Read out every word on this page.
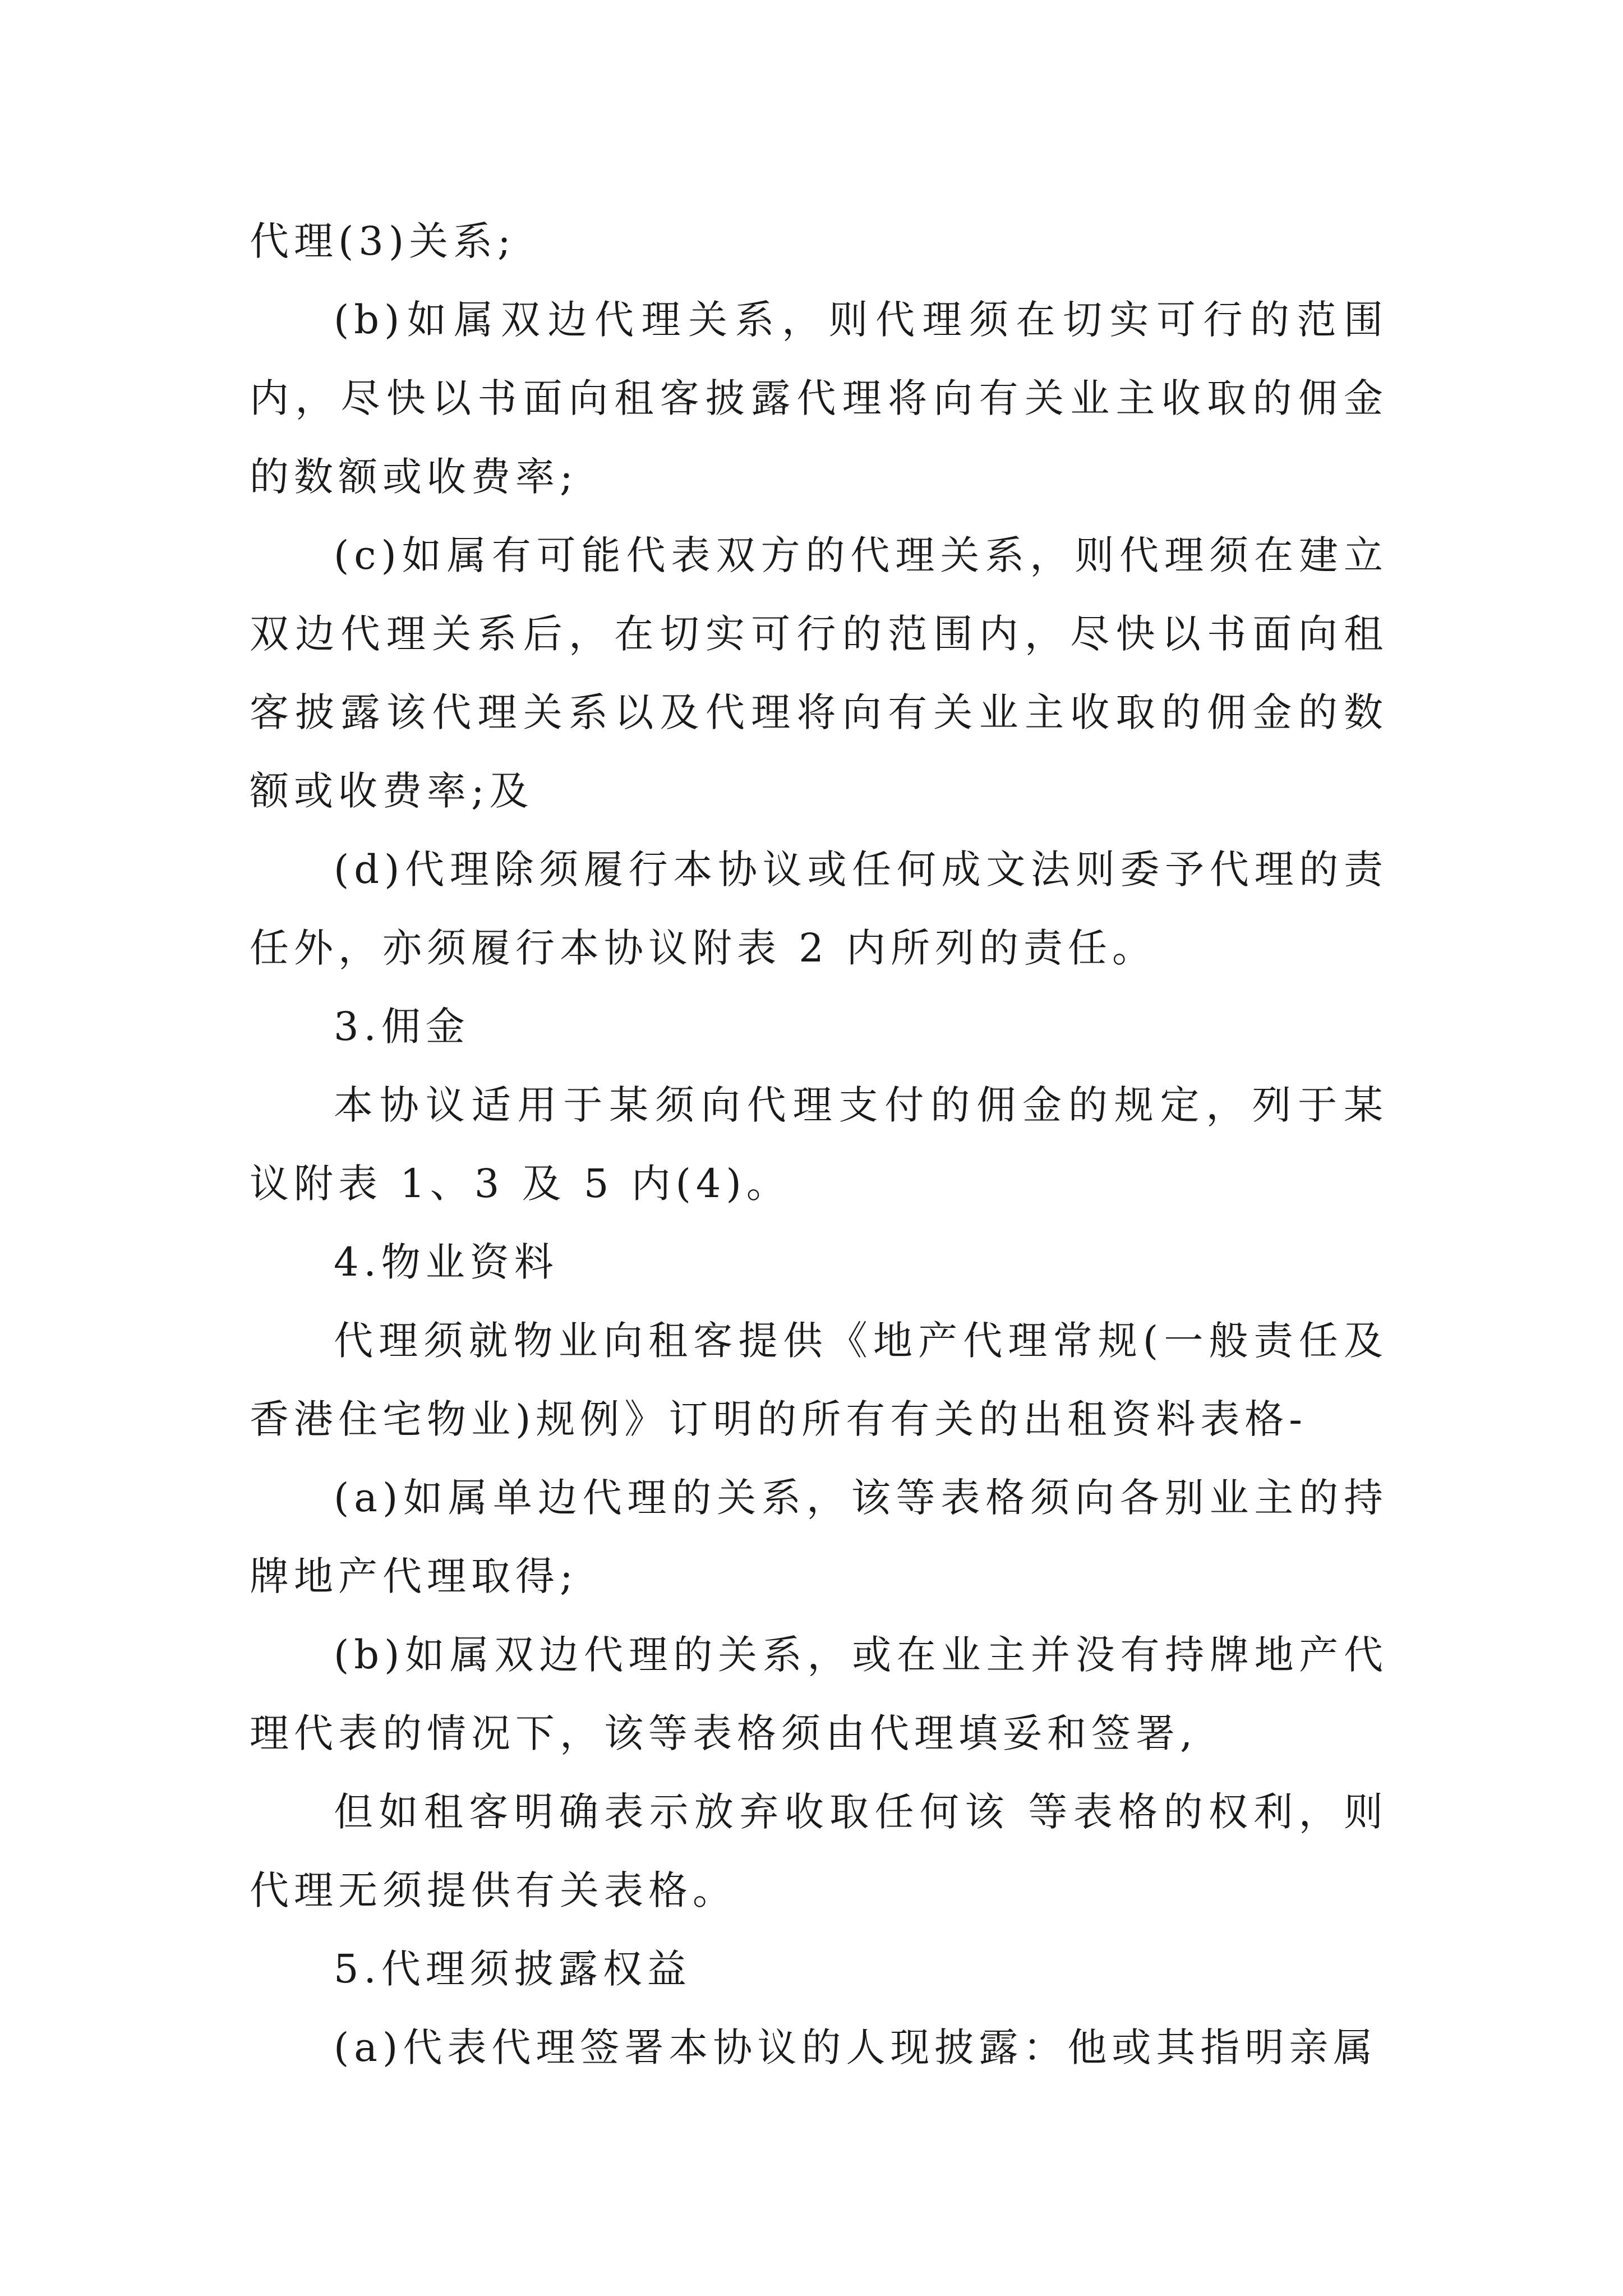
代理(3)关系;

(b)如属双边代理关系，则代理须在切实可行的范围内，尽快以书面向租客披露代理将向有关业主收取的佣金的数额或收费率;

(c)如属有可能代表双方的代理关系，则代理须在建立双边代理关系后，在切实可行的范围内，尽快以书面向租客披露该代理关系以及代理将向有关业主收取的佣金的数额或收费率;及

(d)代理除须履行本协议或任何成文法则委予代理的责任外，亦须履行本协议附表 2 内所列的责任。

3.佣金

本协议适用于某须向代理支付的佣金的规定，列于某议附表 1、3 及 5 内(4)。

4.物业资料

代理须就物业向租客提供《地产代理常规(一般责任及香港住宅物业)规例》订明的所有有关的出租资料表格-

(a)如属单边代理的关系，该等表格须向各别业主的持牌地产代理取得;

(b)如属双边代理的关系，或在业主并没有持牌地产代理代表的情况下，该等表格须由代理填妥和签署,

但如租客明确表示放弃收取任何该 等表格的权利，则代理无须提供有关表格。

5.代理须披露权益

(a)代表代理签署本协议的人现披露：他或其指明亲属
